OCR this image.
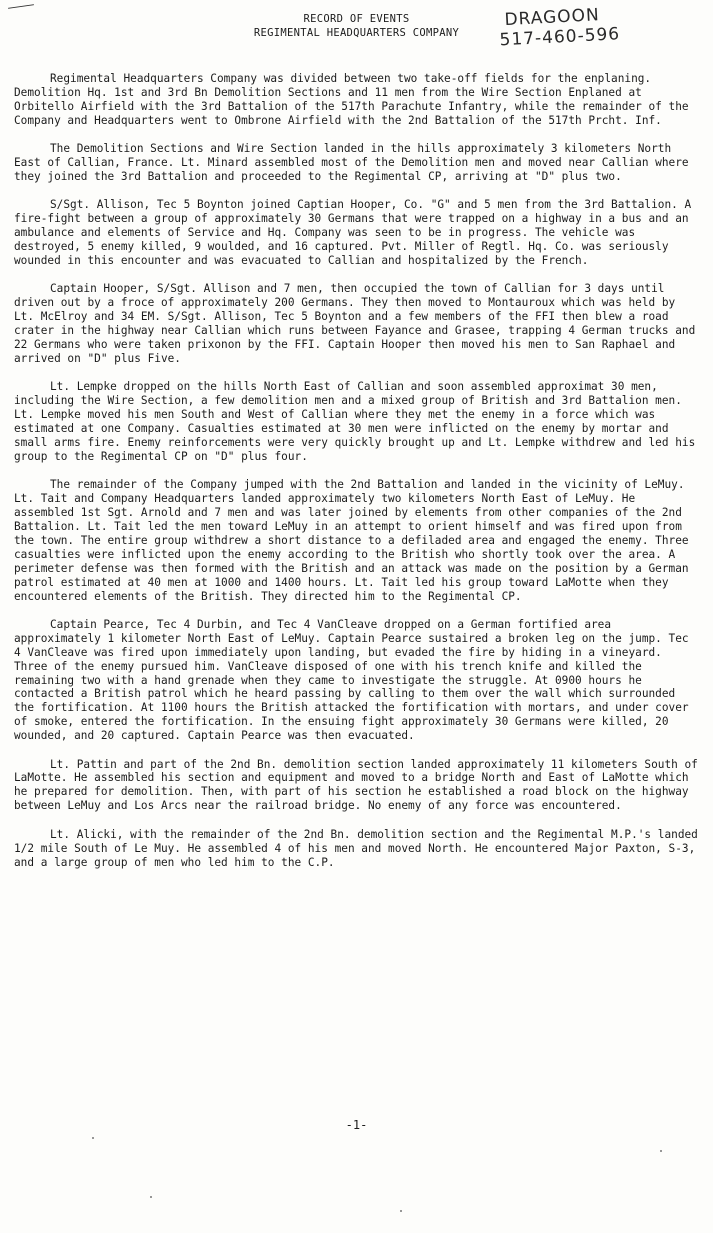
RECORD OF EVENTS
REGIMENTAL HEADQUARTERS COMPANY
DRAGOON
517-460-596

Regimental Headquarters Company was divided between two take-off fields for the enplaning. Demolition Hq. 1st and 3rd Bn Demolition Sections and 11 men from the Wire Section Enplaned at Orbitello Airfield with the 3rd Battalion of the 517th Parachute Infantry, while the remainder of the Company and Headquarters went to Ombrone Airfield with the 2nd Battalion of the 517th Prcht. Inf.

The Demolition Sections and Wire Section landed in the hills approximately 3 kilometers North East of Callian, France. Lt. Minard assembled most of the Demolition men and moved near Callian where they joined the 3rd Battalion and proceeded to the Regimental CP, arriving at "D" plus two.

S/Sgt. Allison, Tec 5 Boynton joined Captian Hooper, Co. "G" and 5 men from the 3rd Battalion. A fire-fight between a group of approximately 30 Germans that were trapped on a highway in a bus and an ambulance and elements of Service and Hq. Company was seen to be in progress. The vehicle was destroyed, 5 enemy killed, 9 woulded, and 16 captured. Pvt. Miller of Regtl. Hq. Co. was seriously wounded in this encounter and was evacuated to Callian and hospitalized by the French.

Captain Hooper, S/Sgt. Allison and 7 men, then occupied the town of Callian for 3 days until driven out by a froce of approximately 200 Germans. They then moved to Montauroux which was held by Lt. McElroy and 34 EM. S/Sgt. Allison, Tec 5 Boynton and a few members of the FFI then blew a road crater in the highway near Callian which runs between Fayance and Grasee, trapping 4 German trucks and 22 Germans who were taken prixonon by the FFI. Captain Hooper then moved his men to San Raphael and arrived on "D" plus Five.

Lt. Lempke dropped on the hills North East of Callian and soon assembled approximat 30 men, including the Wire Section, a few demolition men and a mixed group of British and 3rd Battalion men. Lt. Lempke moved his men South and West of Callian where they met the enemy in a force which was estimated at one Company. Casualties estimated at 30 men were inflicted on the enemy by mortar and small arms fire. Enemy reinforcements were very quickly brought up and Lt. Lempke withdrew and led his group to the Regimental CP on "D" plus four.

The remainder of the Company jumped with the 2nd Battalion and landed in the vicinity of LeMuy. Lt. Tait and Company Headquarters landed approximately two kilometers North East of LeMuy. He assembled 1st Sgt. Arnold and 7 men and was later joined by elements from other companies of the 2nd Battalion. Lt. Tait led the men toward LeMuy in an attempt to orient himself and was fired upon from the town. The entire group withdrew a short distance to a defiladed area and engaged the enemy. Three casualties were inflicted upon the enemy according to the British who shortly took over the area. A perimeter defense was then formed with the British and an attack was made on the position by a German patrol estimated at 40 men at 1000 and 1400 hours. Lt. Tait led his group toward LaMotte when they encountered elements of the British. They directed him to the Regimental CP.

Captain Pearce, Tec 4 Durbin, and Tec 4 VanCleave dropped on a German fortified area approximately 1 kilometer North East of LeMuy. Captain Pearce sustaired a broken leg on the jump. Tec 4 VanCleave was fired upon immediately upon landing, but evaded the fire by hiding in a vineyard. Three of the enemy pursued him. VanCleave disposed of one with his trench knife and killed the remaining two with a hand grenade when they came to investigate the struggle. At 0900 hours he contacted a British patrol which he heard passing by calling to them over the wall which surrounded the fortification. At 1100 hours the British attacked the fortification with mortars, and under cover of smoke, entered the fortification. In the ensuing fight approximately 30 Germans were killed, 20 wounded, and 20 captured. Captain Pearce was then evacuated.

Lt. Pattin and part of the 2nd Bn. demolition section landed approximately 11 kilometers South of LaMotte. He assembled his section and equipment and moved to a bridge North and East of LaMotte which he prepared for demolition. Then, with part of his section he established a road block on the highway between LeMuy and Los Arcs near the railroad bridge. No enemy of any force was encountered.

Lt. Alicki, with the remainder of the 2nd Bn. demolition section and the Regimental M.P.'s landed 1/2 mile South of Le Muy. He assembled 4 of his men and moved North. He encountered Major Paxton, S-3, and a large group of men who led him to the C.P.

-1-
